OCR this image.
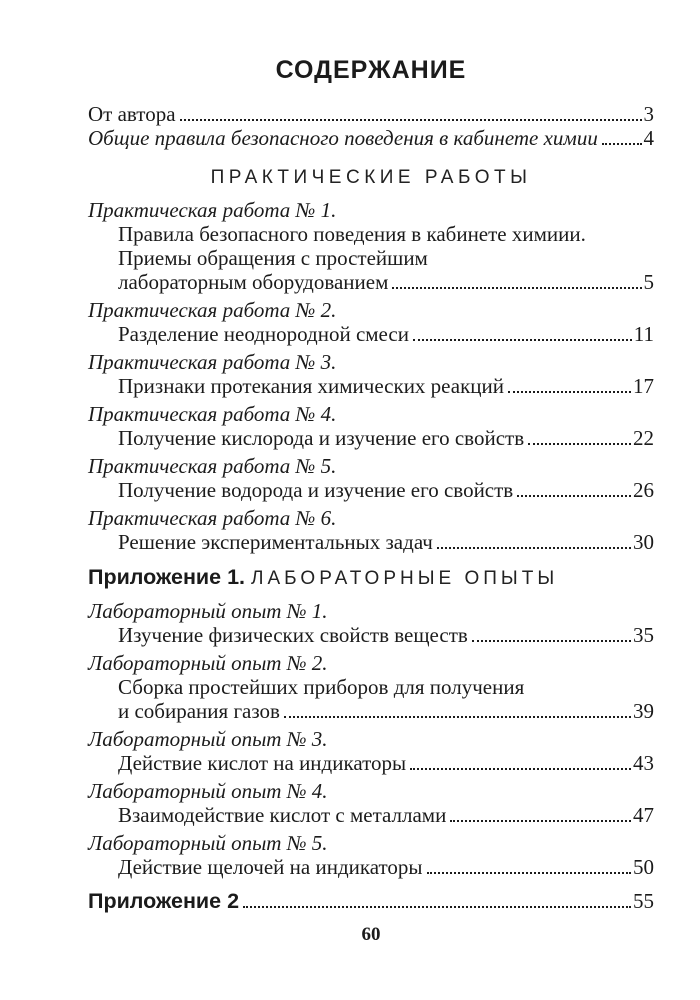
СОДЕРЖАНИЕ
От автора	3
Общие правила безопасного поведения в кабинете химии 4
ПРАКТИЧЕСКИЕ РАБОТЫ
Практическая работа № 1.
Правила безопасного поведения в кабинете химиии.
Приемы обращения с простейшим
лабораторным оборудованием	5
Практическая работа № 2.
Разделение неоднородной смеси	11
Практическая работа № 3.
Признаки протекания химических реакций	17
Практическая работа № 4.
Получение кислорода и изучение его свойств	22
Практическая работа № 5.
Получение водорода и изучение его свойств	26
Практическая работа № 6.
Решение экспериментальных задач	30
Приложение 1. ЛАБОРАТОРНЫЕ ОПЫТЫ
Лабораторный опыт № 1.
Изучение физических свойств веществ	35
Лабораторный опыт № 2.
Сборка простейших приборов для получения
и собирания газов	39
Лабораторный опыт № 3.
Действие кислот на индикаторы	43
Лабораторный опыт № 4.
Взаимодействие кислот с металлами	47
Лабораторный опыт № 5.
Действие щелочей на индикаторы	50
Приложение 2	55
60
